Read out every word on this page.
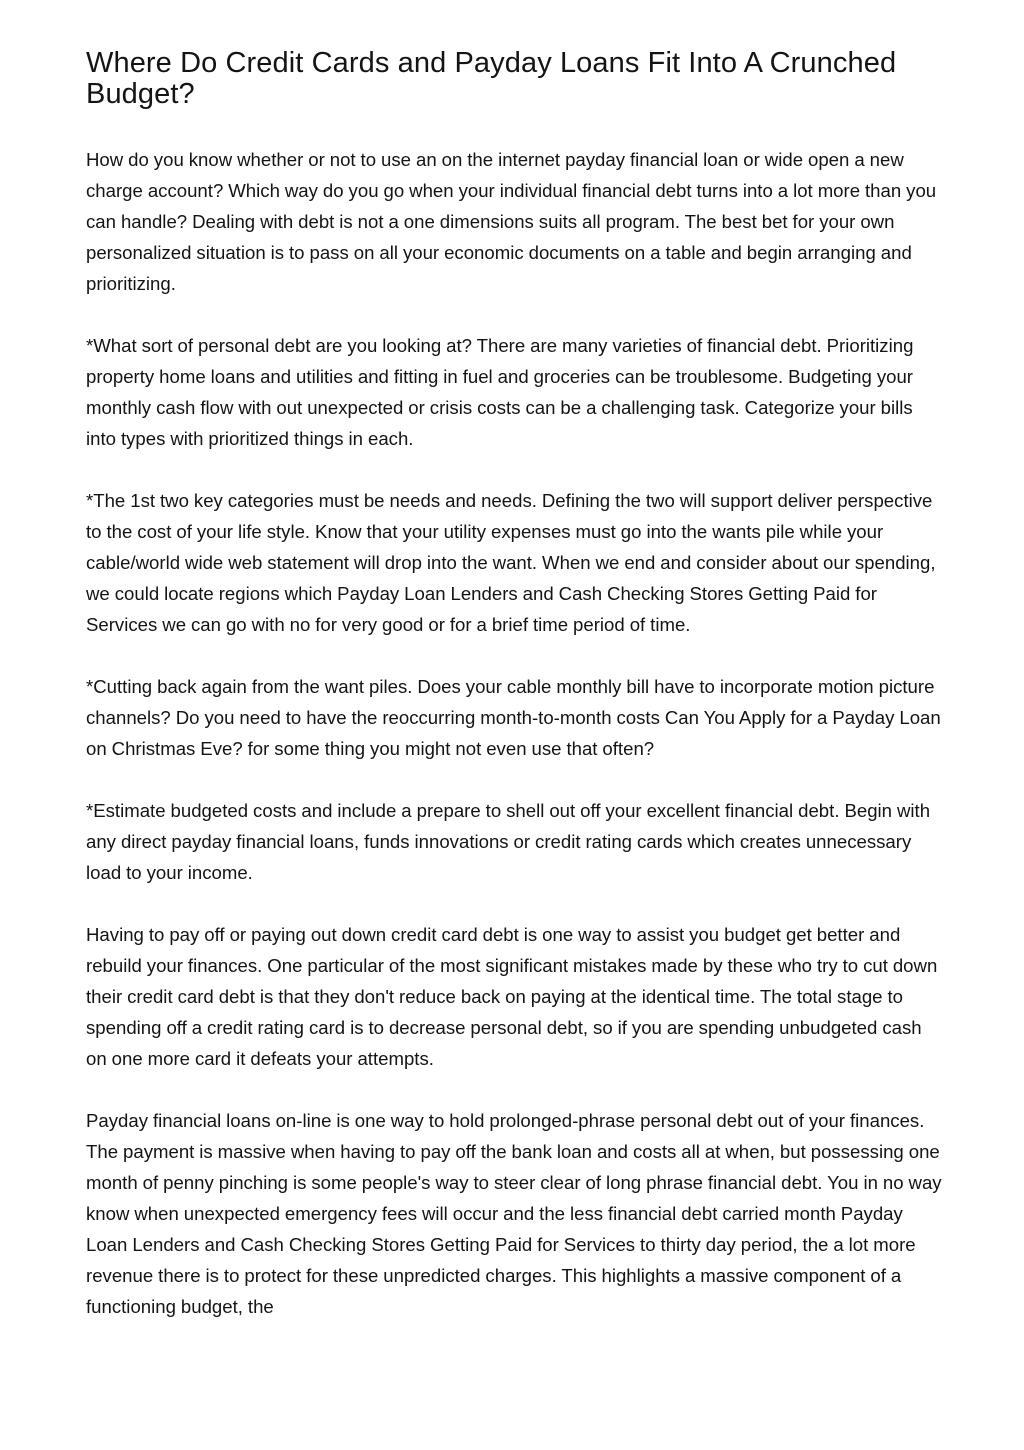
Where Do Credit Cards and Payday Loans Fit Into A Crunched Budget?

How do you know whether or not to use an on the internet payday financial loan or wide open a new charge account? Which way do you go when your individual financial debt turns into a lot more than you can handle? Dealing with debt is not a one dimensions suits all program. The best bet for your own personalized situation is to pass on all your economic documents on a table and begin arranging and prioritizing.

*What sort of personal debt are you looking at? There are many varieties of financial debt. Prioritizing property home loans and utilities and fitting in fuel and groceries can be troublesome. Budgeting your monthly cash flow with out unexpected or crisis costs can be a challenging task. Categorize your bills into types with prioritized things in each.

*The 1st two key categories must be needs and needs. Defining the two will support deliver perspective to the cost of your life style. Know that your utility expenses must go into the wants pile while your cable/world wide web statement will drop into the want. When we end and consider about our spending, we could locate regions which Payday Loan Lenders and Cash Checking Stores Getting Paid for Services we can go with no for very good or for a brief time period of time.

*Cutting back again from the want piles. Does your cable monthly bill have to incorporate motion picture channels? Do you need to have the reoccurring month-to-month costs Can You Apply for a Payday Loan on Christmas Eve? for some thing you might not even use that often?

*Estimate budgeted costs and include a prepare to shell out off your excellent financial debt. Begin with any direct payday financial loans, funds innovations or credit rating cards which creates unnecessary load to your income.

Having to pay off or paying out down credit card debt is one way to assist you budget get better and rebuild your finances. One particular of the most significant mistakes made by these who try to cut down their credit card debt is that they don't reduce back on paying at the identical time. The total stage to spending off a credit rating card is to decrease personal debt, so if you are spending unbudgeted cash on one more card it defeats your attempts.

Payday financial loans on-line is one way to hold prolonged-phrase personal debt out of your finances. The payment is massive when having to pay off the bank loan and costs all at when, but possessing one month of penny pinching is some people's way to steer clear of long phrase financial debt. You in no way know when unexpected emergency fees will occur and the less financial debt carried month Payday Loan Lenders and Cash Checking Stores Getting Paid for Services to thirty day period, the a lot more revenue there is to protect for these unpredicted charges. This highlights a massive component of a functioning budget, the
